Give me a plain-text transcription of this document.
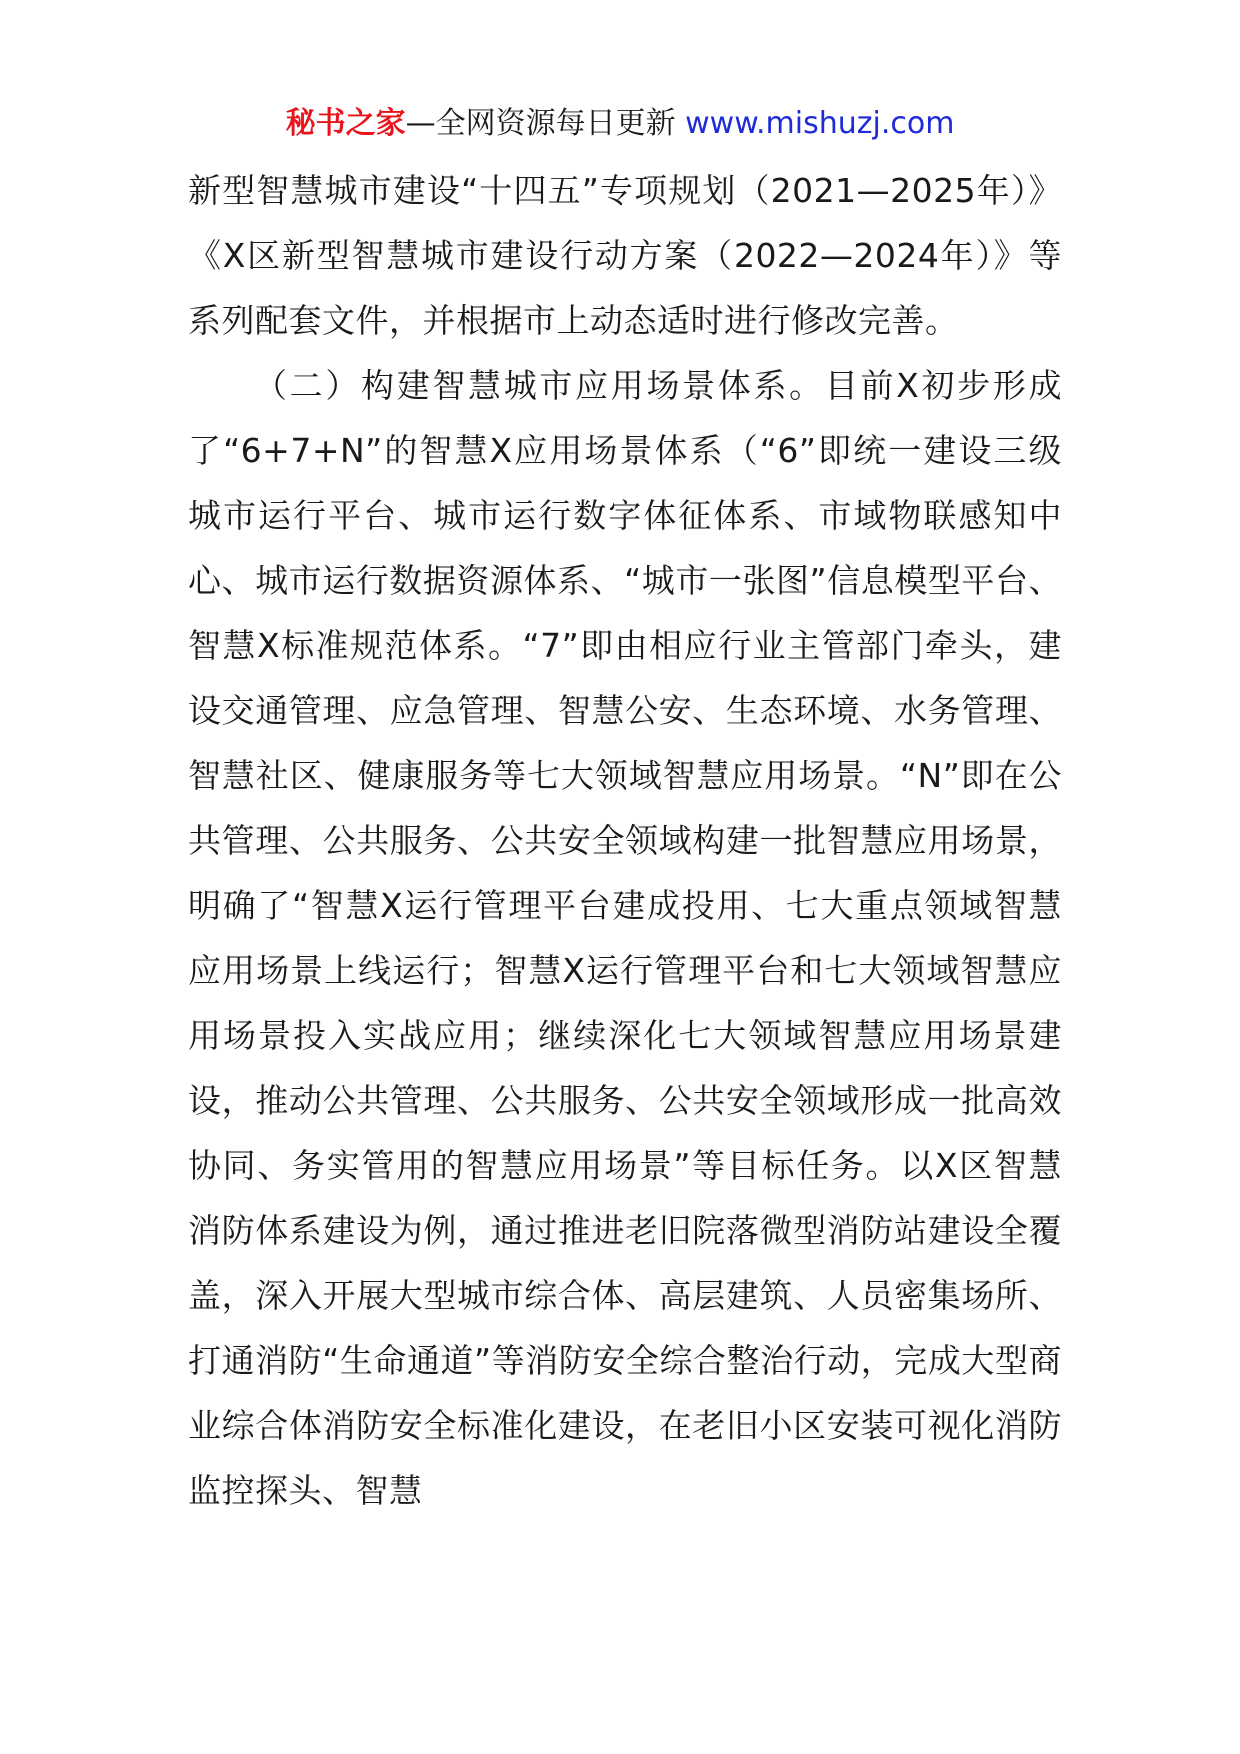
秘书之家—全网资源每日更新 www.mishuzj.com

新型智慧城市建设“十四五”专项规划（2021—2025年）》《X区新型智慧城市建设行动方案（2022—2024年）》等系列配套文件，并根据市上动态适时进行修改完善。

（二）构建智慧城市应用场景体系。目前X初步形成了“6+7+N”的智慧X应用场景体系（“6”即统一建设三级城市运行平台、城市运行数字体征体系、市域物联感知中心、城市运行数据资源体系、“城市一张图”信息模型平台、智慧X标准规范体系。“7”即由相应行业主管部门牵头，建设交通管理、应急管理、智慧公安、生态环境、水务管理、智慧社区、健康服务等七大领域智慧应用场景。“N”即在公共管理、公共服务、公共安全领域构建一批智慧应用场景，明确了“智慧X运行管理平台建成投用、七大重点领域智慧应用场景上线运行；智慧X运行管理平台和七大领域智慧应用场景投入实战应用；继续深化七大领域智慧应用场景建设，推动公共管理、公共服务、公共安全领域形成一批高效协同、务实管用的智慧应用场景”等目标任务。以X区智慧消防体系建设为例，通过推进老旧院落微型消防站建设全覆盖，深入开展大型城市综合体、高层建筑、人员密集场所、打通消防“生命通道”等消防安全综合整治行动，完成大型商业综合体消防安全标准化建设，在老旧小区安装可视化消防监控探头、智慧
